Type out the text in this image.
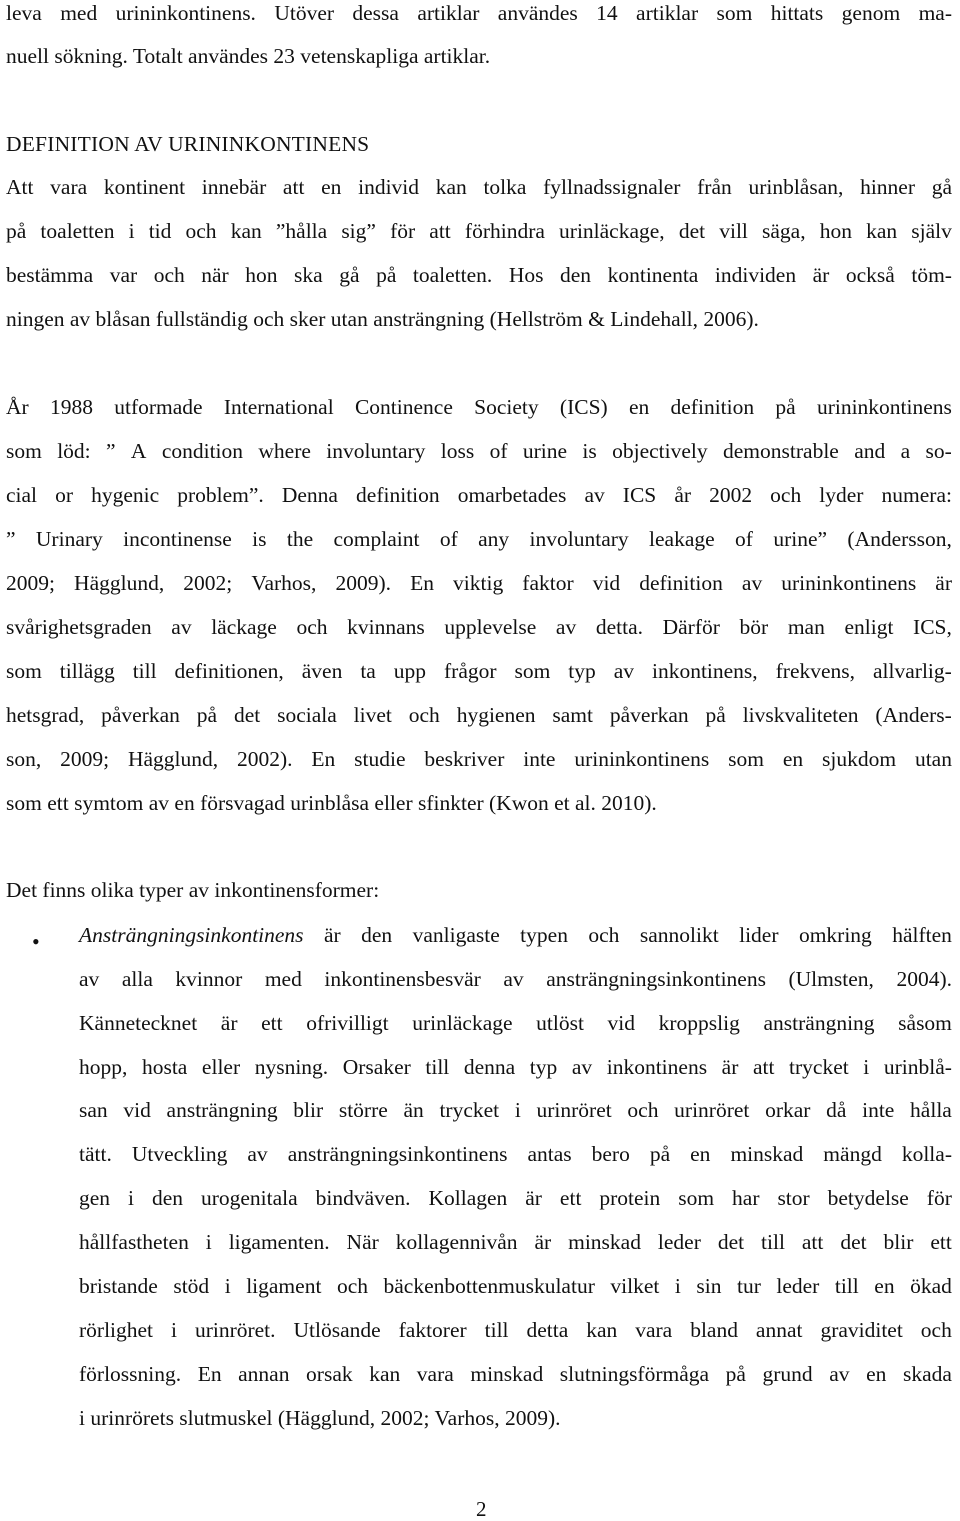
leva med urininkontinens. Utöver dessa artiklar användes 14 artiklar som hittats genom ma-
nuell sökning. Totalt användes 23 vetenskapliga artiklar.
DEFINITION AV URININKONTINENS
Att vara kontinent innebär att en individ kan tolka fyllnadssignaler från urinblåsan, hinner gå
på toaletten i tid och kan ”hålla sig” för att förhindra urinläckage, det vill säga, hon kan själv
bestämma var och när hon ska gå på toaletten. Hos den kontinenta individen är också töm-
ningen av blåsan fullständig och sker utan ansträngning (Hellström & Lindehall, 2006).
År 1988 utformade International Continence Society (ICS) en definition på urininkontinens
som löd: ” A condition where involuntary loss of urine is objectively demonstrable and a so-
cial or hygenic problem”. Denna definition omarbetades av ICS år 2002 och lyder numera:
” Urinary incontinense is the complaint of any involuntary leakage of urine” (Andersson,
2009; Hägglund, 2002; Varhos, 2009). En viktig faktor vid definition av urininkontinens är
svårighetsgraden av läckage och kvinnans upplevelse av detta. Därför bör man enligt ICS,
som tillägg till definitionen, även ta upp frågor som typ av inkontinens, frekvens, allvarlig-
hetsgrad, påverkan på det sociala livet och hygienen samt påverkan på livskvaliteten (Anders-
son, 2009; Hägglund, 2002). En studie beskriver inte urininkontinens som en sjukdom utan
som ett symtom av en försvagad urinblåsa eller sfinkter (Kwon et al. 2010).
Det finns olika typer av inkontinensformer:
• Ansträngningsinkontinens är den vanligaste typen och sannolikt lider omkring hälften
av alla kvinnor med inkontinensbesvär av ansträngningsinkontinens (Ulmsten, 2004).
Kännetecknet är ett ofrivilligt urinläckage utlöst vid kroppslig ansträngning såsom
hopp, hosta eller nysning. Orsaker till denna typ av inkontinens är att trycket i urinblå-
san vid ansträngning blir större än trycket i urinröret och urinröret orkar då inte hålla
tätt. Utveckling av ansträngningsinkontinens antas bero på en minskad mängd kolla-
gen i den urogenitala bindväven. Kollagen är ett protein som har stor betydelse för
hållfastheten i ligamenten. När kollagennivån är minskad leder det till att det blir ett
bristande stöd i ligament och bäckenbottenmuskulatur vilket i sin tur leder till en ökad
rörlighet i urinröret. Utlösande faktorer till detta kan vara bland annat graviditet och
förlossning. En annan orsak kan vara minskad slutningsförmåga på grund av en skada
i urinrörets slutmuskel (Hägglund, 2002; Varhos, 2009).
2
